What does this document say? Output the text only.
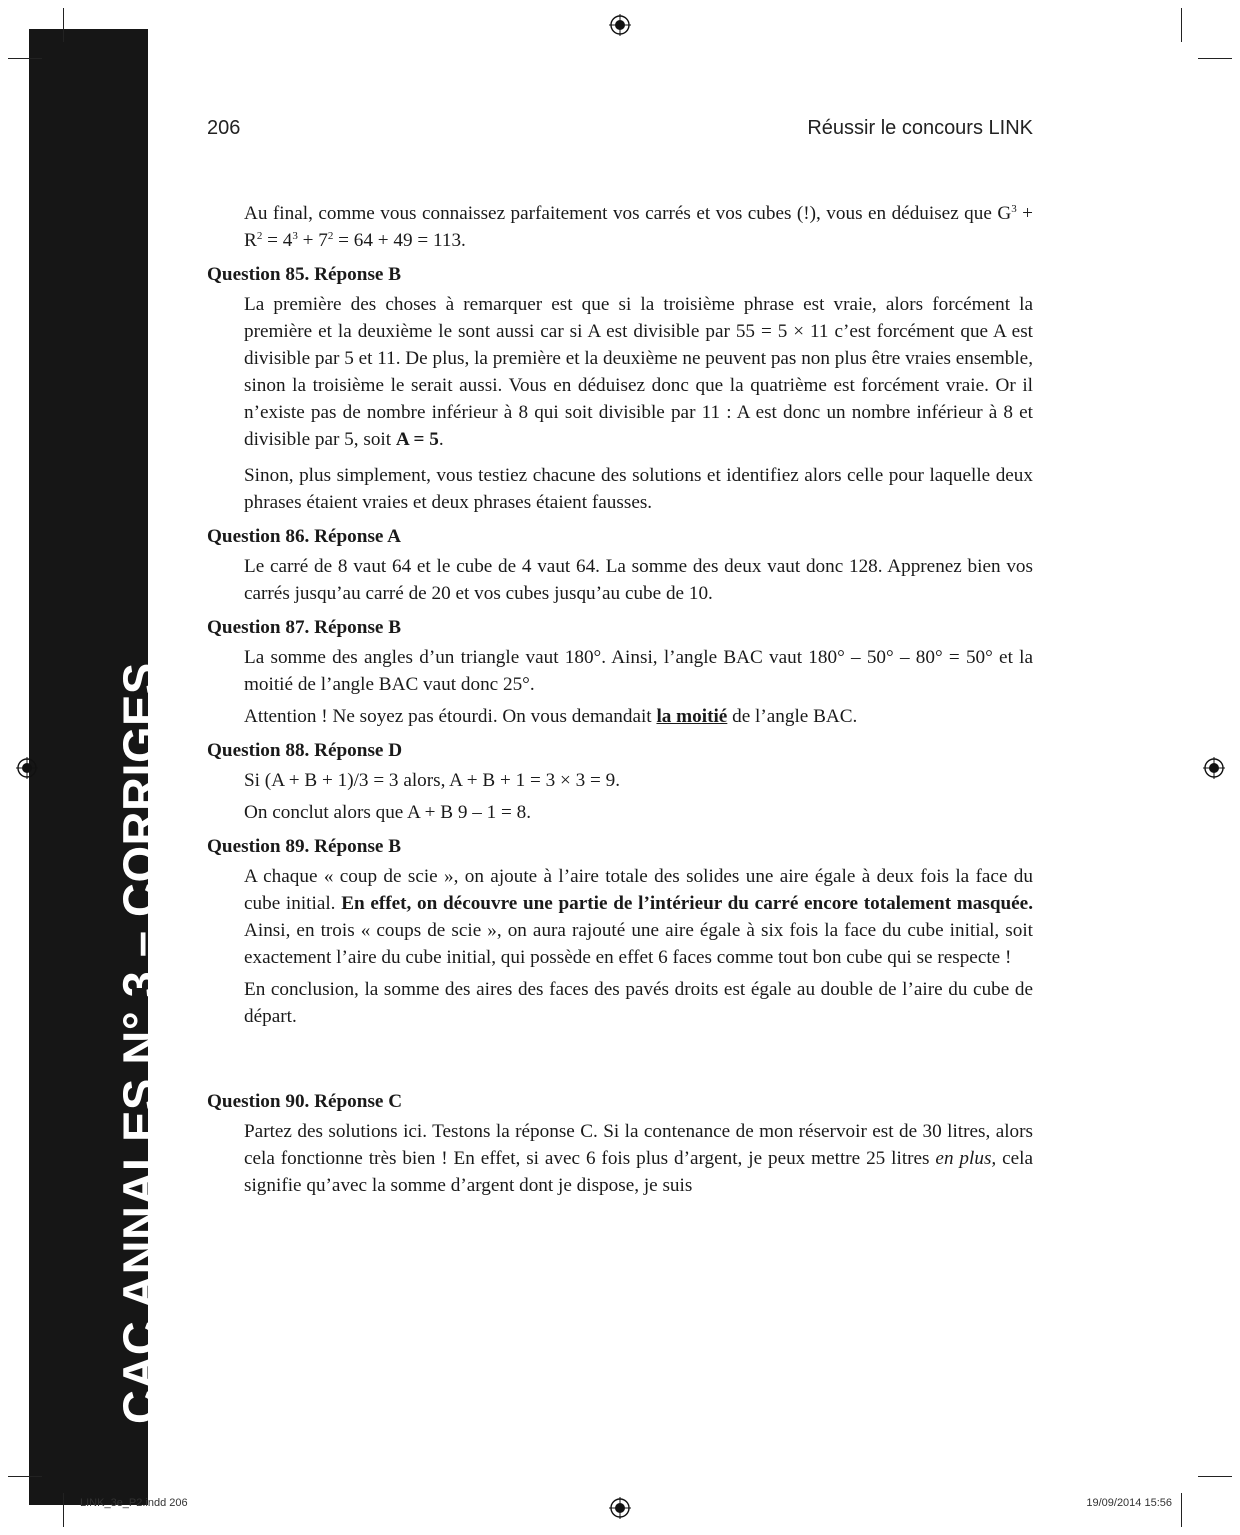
CAC ANNALES N° 3 – CORRIGES
LINK_3e_P2.indd 206	19/09/2014 15:56
206	Réussir le concours LINK

Au final, comme vous connaissez parfaitement vos carrés et vos cubes (!), vous en déduisez que $G^3 + R^2 = 4^3 + 7^2 = 64 + 49 = 113$.

Question 85. Réponse B

La première des choses à remarquer est que si la troisième phrase est vraie, alors forcément la première et la deuxième le sont aussi car si A est divisible par 55 = 5 × 11 c’est forcément que A est divisible par 5 et 11. De plus, la première et la deuxième ne peuvent pas non plus être vraies ensemble, sinon la troisième le serait aussi. Vous en déduisez donc que la quatrième est forcément vraie. Or il n’existe pas de nombre inférieur à 8 qui soit divisible par 11 : A est donc un nombre inférieur à 8 et divisible par 5, soit A = 5.

Sinon, plus simplement, vous testiez chacune des solutions et identifiez alors celle pour laquelle deux phrases étaient vraies et deux phrases étaient fausses.

Question 86. Réponse A

Le carré de 8 vaut 64 et le cube de 4 vaut 64. La somme des deux vaut donc 128. Apprenez bien vos carrés jusqu’au carré de 20 et vos cubes jusqu’au cube de 10.

Question 87. Réponse B

La somme des angles d’un triangle vaut 180°. Ainsi, l’angle BAC vaut 180° – 50° – 80° = 50° et la moitié de l’angle BAC vaut donc 25°.

Attention ! Ne soyez pas étourdi. On vous demandait la moitié de l’angle BAC.

Question 88. Réponse D

Si (A + B + 1)/3 = 3 alors, A + B + 1 = 3 × 3 = 9.

On conclut alors que A + B 9 – 1 = 8.

Question 89. Réponse B

A chaque « coup de scie », on ajoute à l’aire totale des solides une aire égale à deux fois la face du cube initial. En effet, on découvre une partie de l’intérieur du carré encore totalement masquée. Ainsi, en trois « coups de scie », on aura rajouté une aire égale à six fois la face du cube initial, soit exactement l’aire du cube initial, qui possède en effet 6 faces comme tout bon cube qui se respecte !

En conclusion, la somme des aires des faces des pavés droits est égale au double de l’aire du cube de départ.

Question 90. Réponse C

Partez des solutions ici. Testons la réponse C. Si la contenance de mon réservoir est de 30 litres, alors cela fonctionne très bien ! En effet, si avec 6 fois plus d’argent, je peux mettre 25 litres en plus, cela signifie qu’avec la somme d’argent dont je dispose, je suis
